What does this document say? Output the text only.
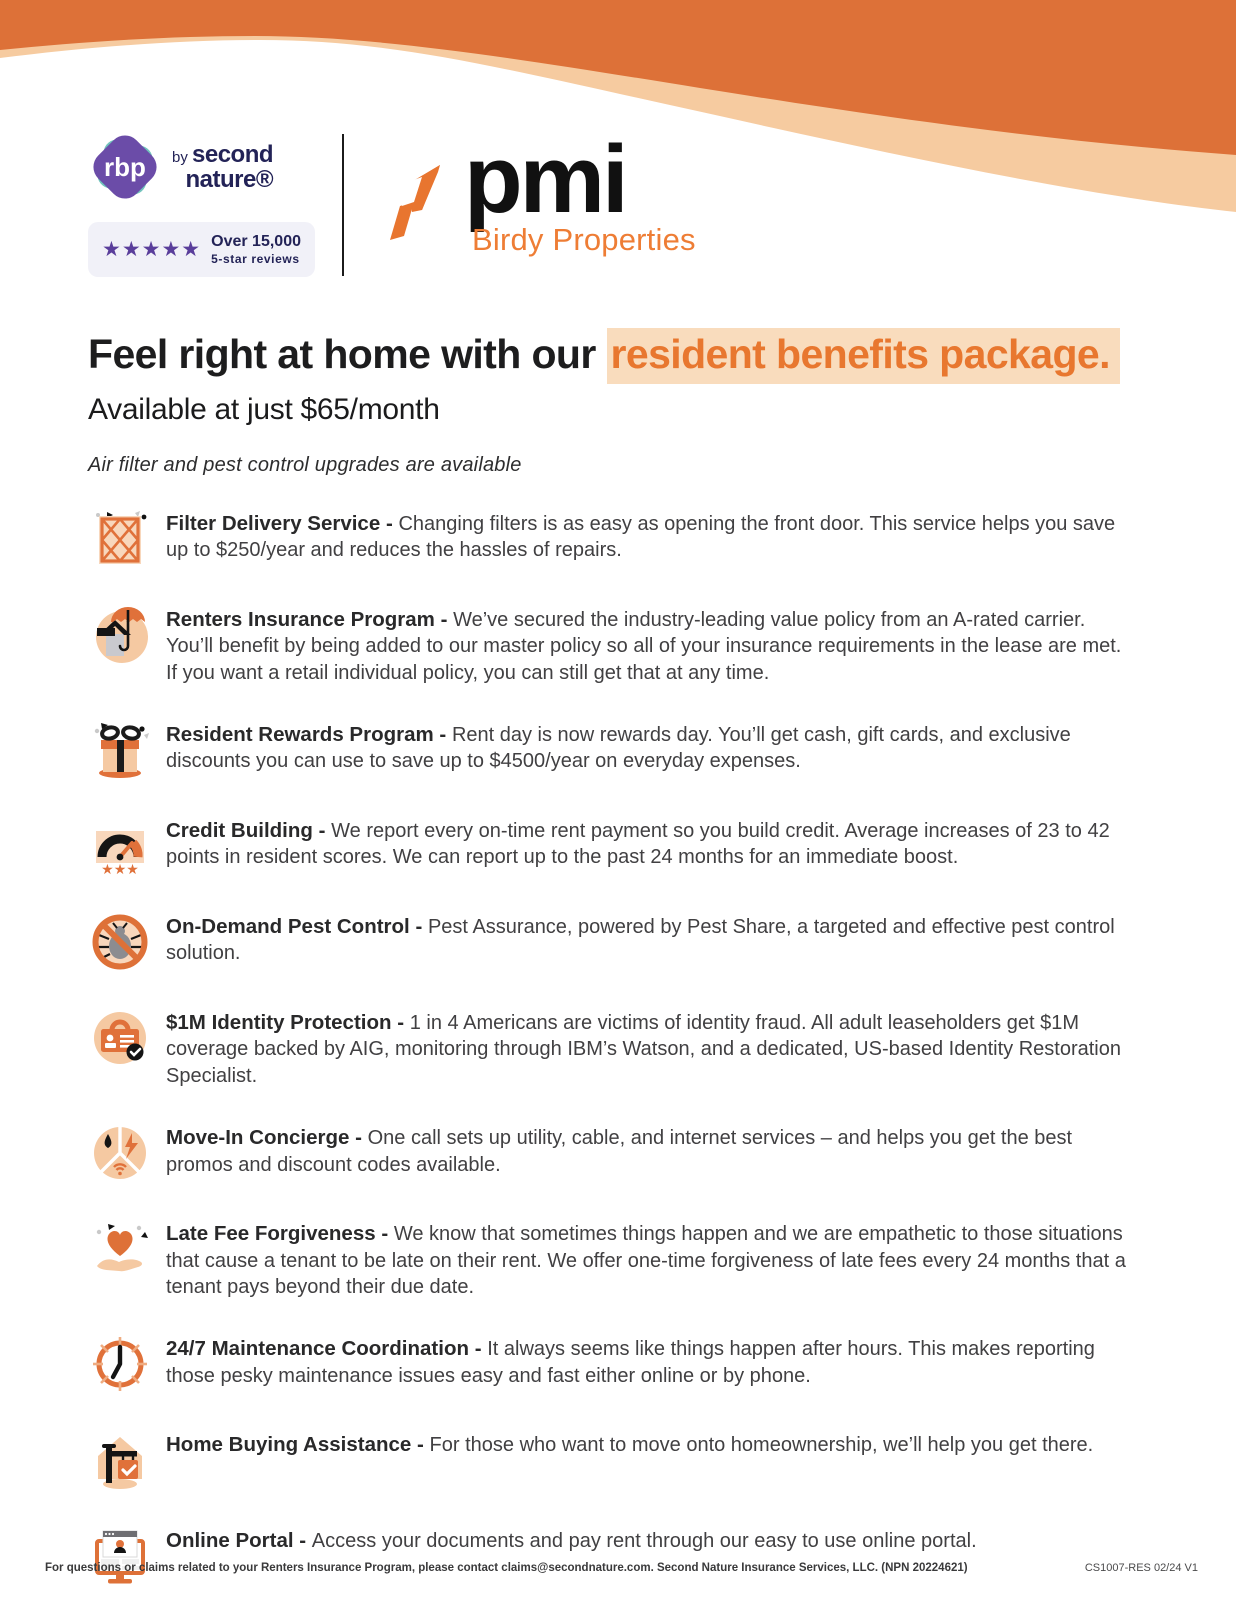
rbp by second
nature®
★★★★★ Over 15,000
5-star reviews
pmi
Birdy Properties
Feel right at home with our resident benefits package.
Available at just $65/month
Air filter and pest control upgrades are available

Filter Delivery Service - Changing filters is as easy as opening the front door. This service helps you save up to $250/year and reduces the hassles of repairs.

Renters Insurance Program - We’ve secured the industry-leading value policy from an A-rated carrier. You’ll benefit by being added to our master policy so all of your insurance requirements in the lease are met. If you want a retail individual policy, you can still get that at any time.

Resident Rewards Program - Rent day is now rewards day. You’ll get cash, gift cards, and exclusive discounts you can use to save up to $4500/year on everyday expenses.

★★★

Credit Building - We report every on-time rent payment so you build credit. Average increases of 23 to 42 points in resident scores. We can report up to the past 24 months for an immediate boost.

On-Demand Pest Control - Pest Assurance, powered by Pest Share, a targeted and effective pest control solution.

$1M Identity Protection - 1 in 4 Americans are victims of identity fraud. All adult leaseholders get $1M coverage backed by AIG, monitoring through IBM’s Watson, and a dedicated, US-based Identity Restoration Specialist.

Move-In Concierge - One call sets up utility, cable, and internet services – and helps you get the best promos and discount codes available.

Late Fee Forgiveness - We know that sometimes things happen and we are empathetic to those situations that cause a tenant to be late on their rent. We offer one-time forgiveness of late fees every 24 months that a tenant pays beyond their due date.

24/7 Maintenance Coordination - It always seems like things happen after hours. This makes reporting those pesky maintenance issues easy and fast either online or by phone.

Home Buying Assistance - For those who want to move onto homeownership, we’ll help you get there.

Online Portal - Access your documents and pay rent through our easy to use online portal.

For questions or claims related to your Renters Insurance Program, please contact claims@secondnature.com. Second Nature Insurance Services, LLC. (NPN 20224621)	CS1007-RES 02/24 V1
